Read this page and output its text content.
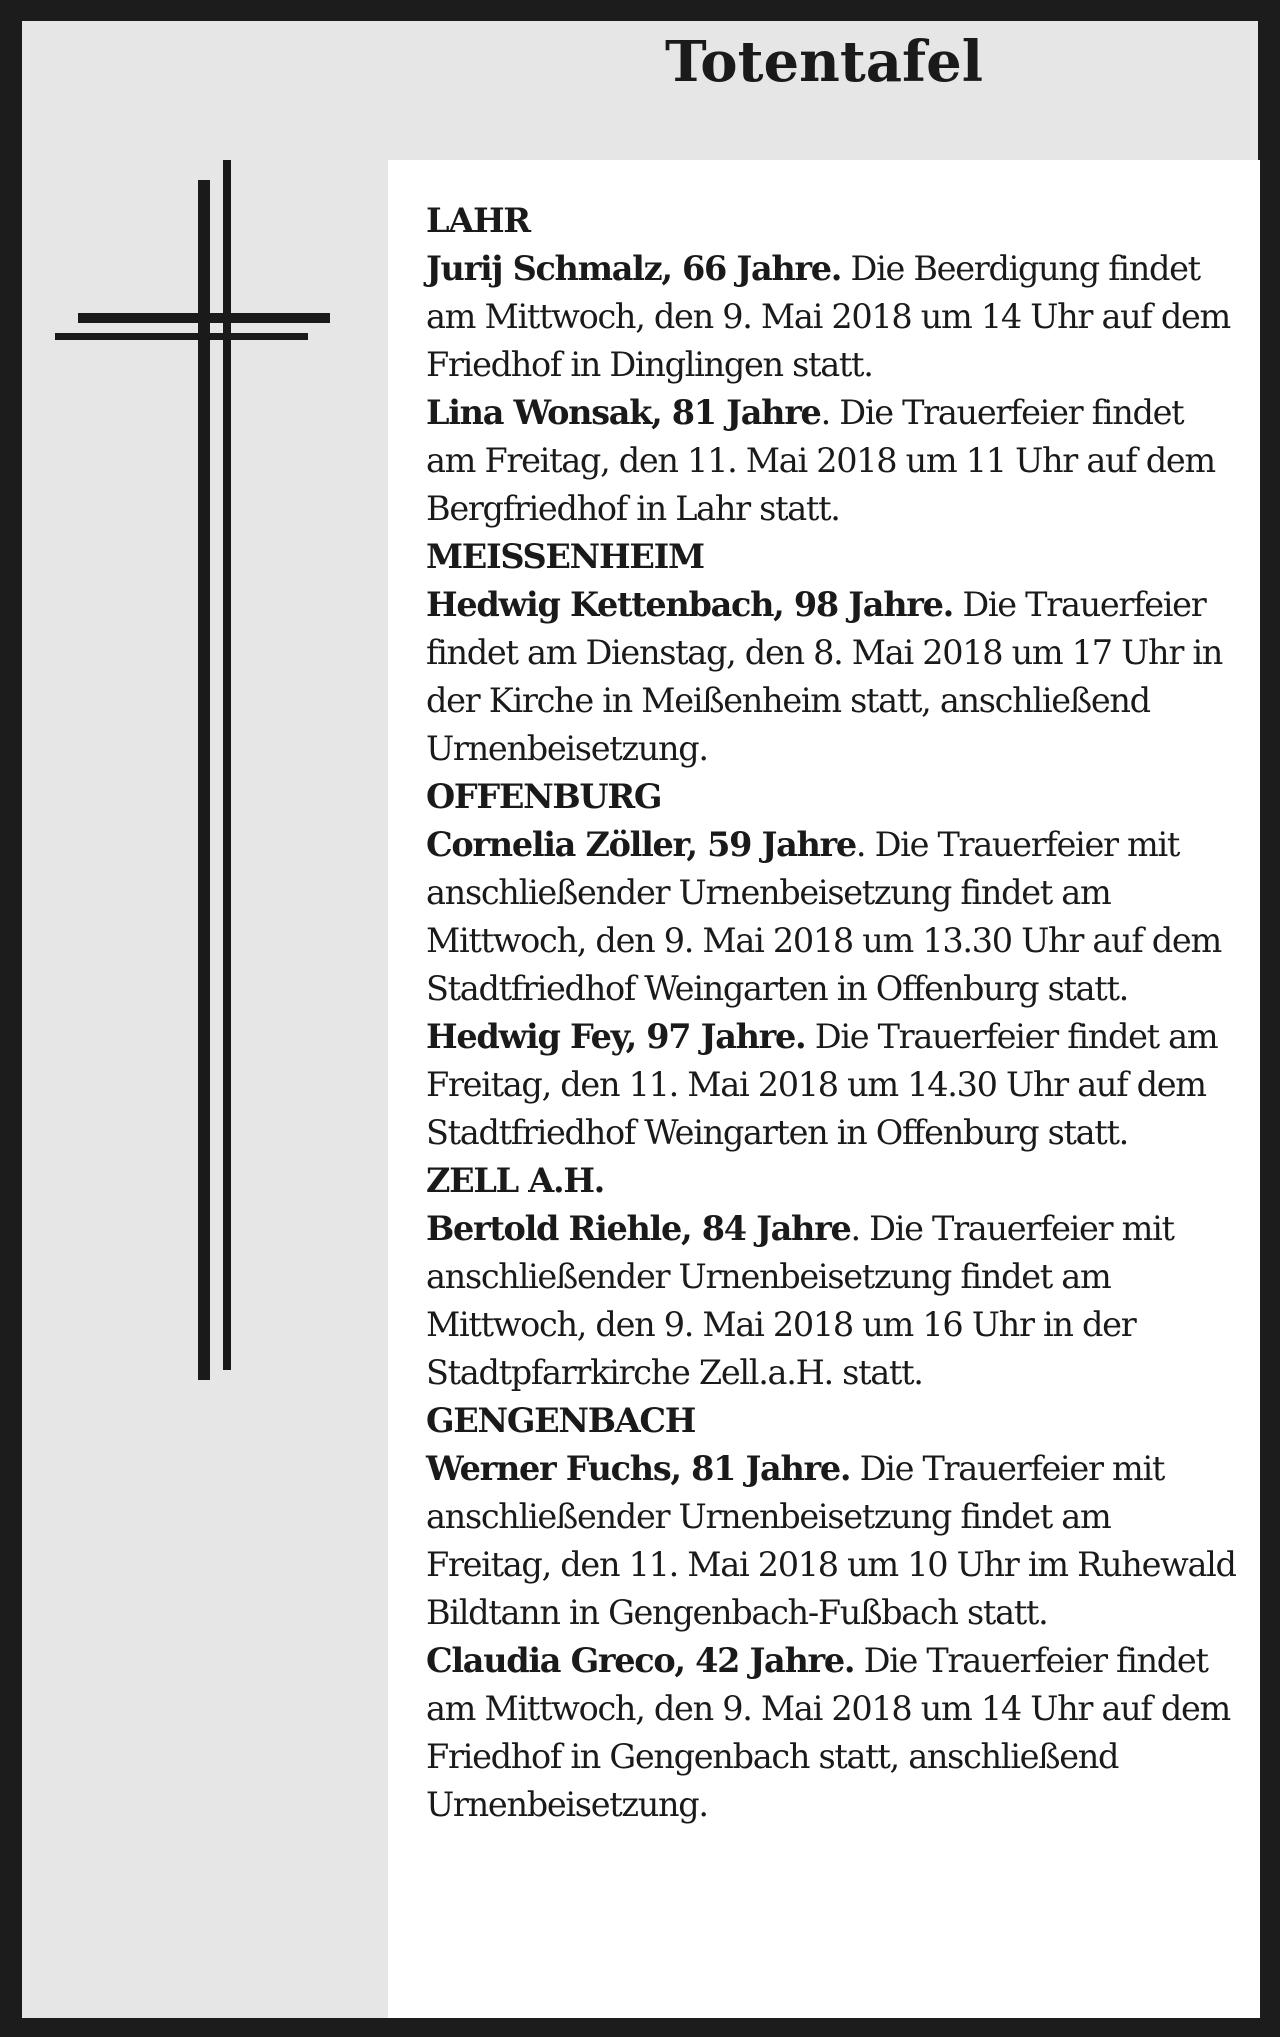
Totentafel
LAHR

Jurij Schmalz, 66 Jahre. Die Beerdigung findet am Mittwoch, den 9. Mai 2018 um 14 Uhr auf dem Friedhof in Dinglingen statt.

Lina Wonsak, 81 Jahre. Die Trauerfeier findet am Freitag, den 11. Mai 2018 um 11 Uhr auf dem Bergfriedhof in Lahr statt.

MEISSENHEIM

Hedwig Kettenbach, 98 Jahre. Die Trauerfeier findet am Dienstag, den 8. Mai 2018 um 17 Uhr in der Kirche in Meißenheim statt, anschließend Urnenbeisetzung.

OFFENBURG

Cornelia Zöller, 59 Jahre. Die Trauerfeier mit anschließender Urnenbeisetzung findet am Mittwoch, den 9. Mai 2018 um 13.30 Uhr auf dem Stadtfriedhof Weingarten in Offenburg statt.

Hedwig Fey, 97 Jahre. Die Trauerfeier findet am Freitag, den 11. Mai 2018 um 14.30 Uhr auf dem Stadtfriedhof Weingarten in Offenburg statt.

ZELL A.H.

Bertold Riehle, 84 Jahre. Die Trauerfeier mit anschließender Urnenbeisetzung findet am Mittwoch, den 9. Mai 2018 um 16 Uhr in der Stadtpfarrkirche Zell.a.H. statt.

GENGENBACH

Werner Fuchs, 81 Jahre. Die Trauerfeier mit anschließender Urnenbeisetzung findet am Freitag, den 11. Mai 2018 um 10 Uhr im Ruhewald Bildtann in Gengenbach-Fußbach statt.

Claudia Greco, 42 Jahre. Die Trauerfeier findet am Mittwoch, den 9. Mai 2018 um 14 Uhr auf dem Friedhof in Gengenbach statt, anschließend Urnenbeisetzung.
